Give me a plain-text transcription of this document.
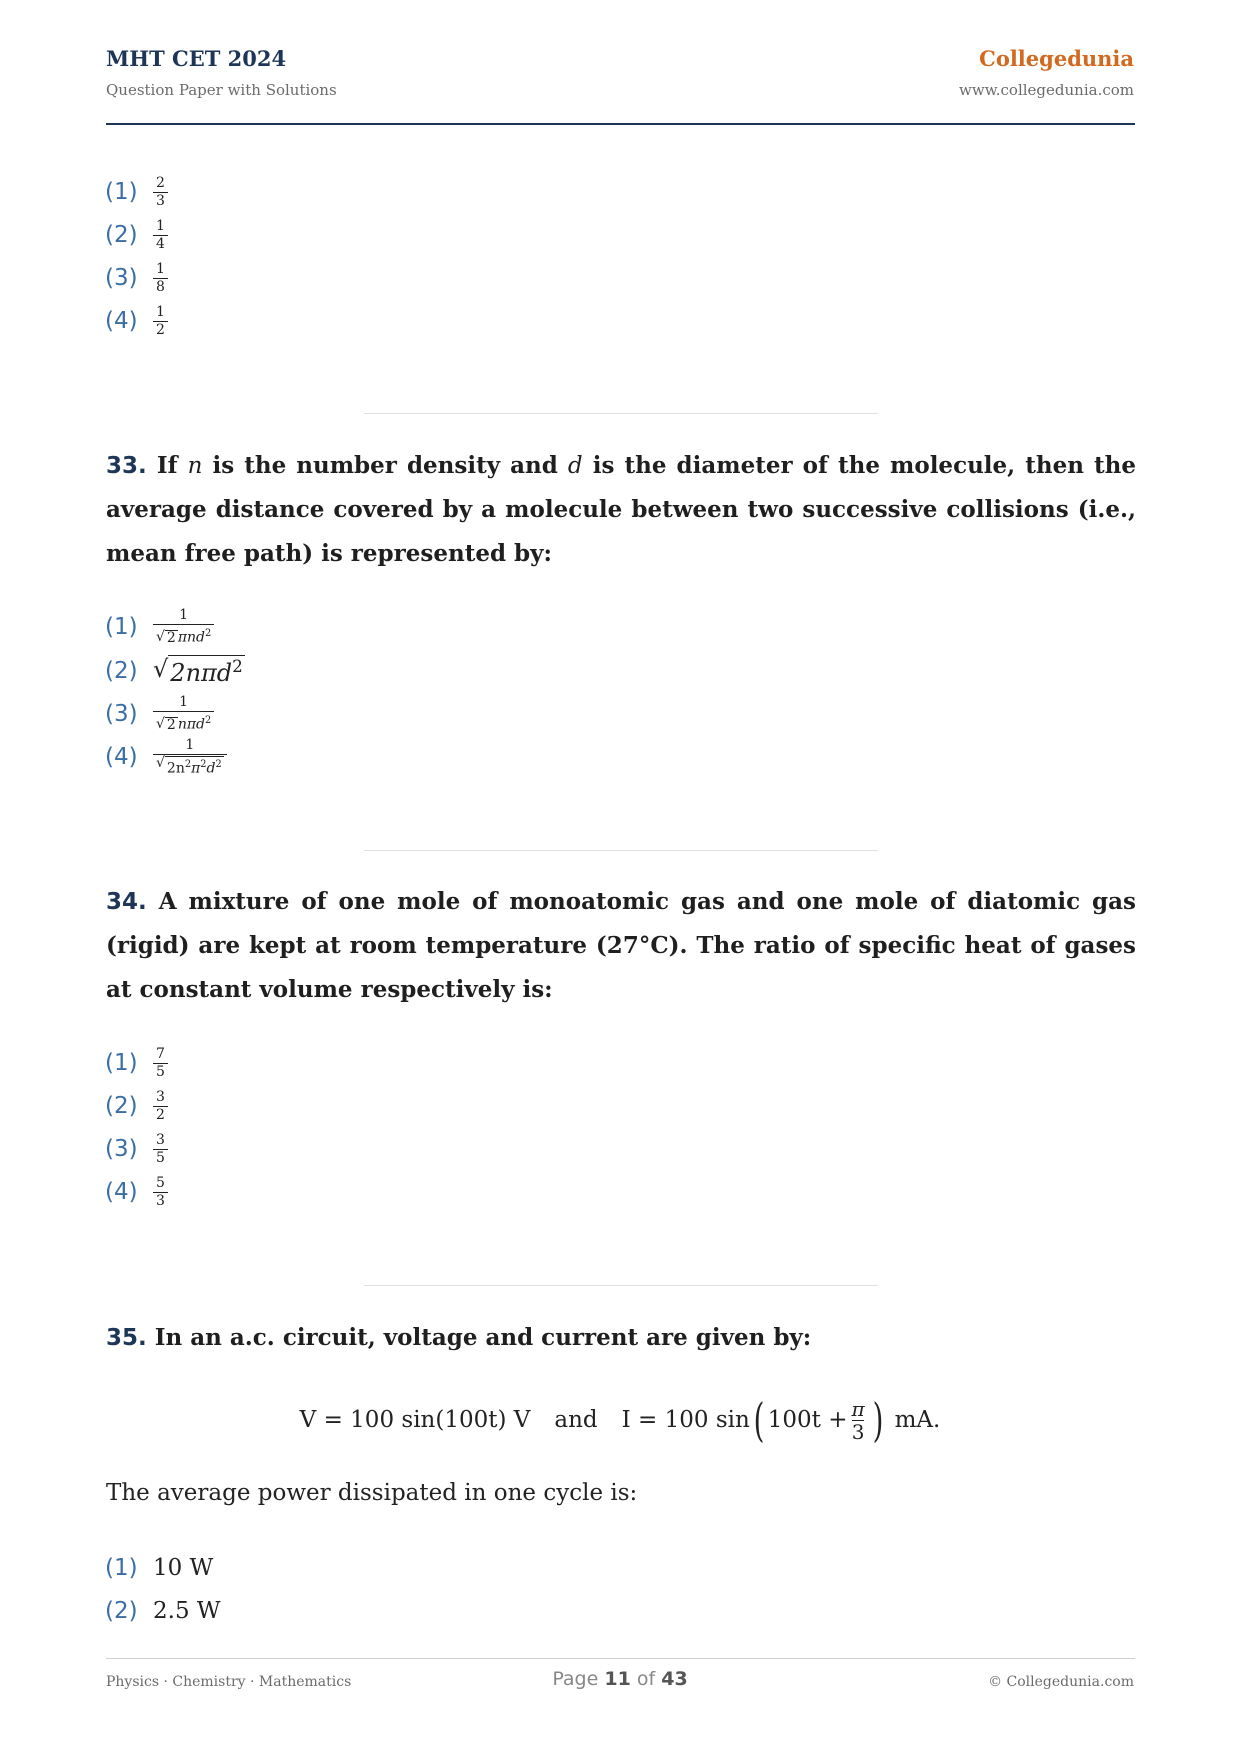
MHT CET 2024
Question Paper with Solutions
Collegedunia
www.collegedunia.com
(1)	$\frac{2}{3}$
(2)	$\frac{1}{4}$
(3)	$\frac{1}{8}$
(4)	$\frac{1}{2}$
33. If n is the number density and d is the diameter of the molecule, then the average distance covered by a molecule between two successive collisions (i.e., mean free path) is represented by:
(1)	$\frac{1}{√ 2 \pi nd^2}$
(2) √ 2nπd$^2$
(3)	$\frac{1}{√ 2 n\pi d^2}$
(4)	$\frac{1}{√ 2n^2\pi^2d^2}$
34. A mixture of one mole of monoatomic gas and one mole of diatomic gas (rigid) are kept at room temperature (27°C). The ratio of specific heat of gases at constant volume respectively is:
(1)	$\frac{7}{5}$
(2)	$\frac{3}{2}$
(3)	$\frac{3}{5}$
(4)	$\frac{5}{3}$
35. In an a.c. circuit, voltage and current are given by:
V = 100 sin(100t) V and I = 100 sin ( $100t + \frac{\pi}{3}$ ) mA.
The average power dissipated in one cycle is:
(1) 10 W
(2) 2.5 W
Physics · Chemistry · Mathematics	Page 11 of 43	© Collegedunia.com
